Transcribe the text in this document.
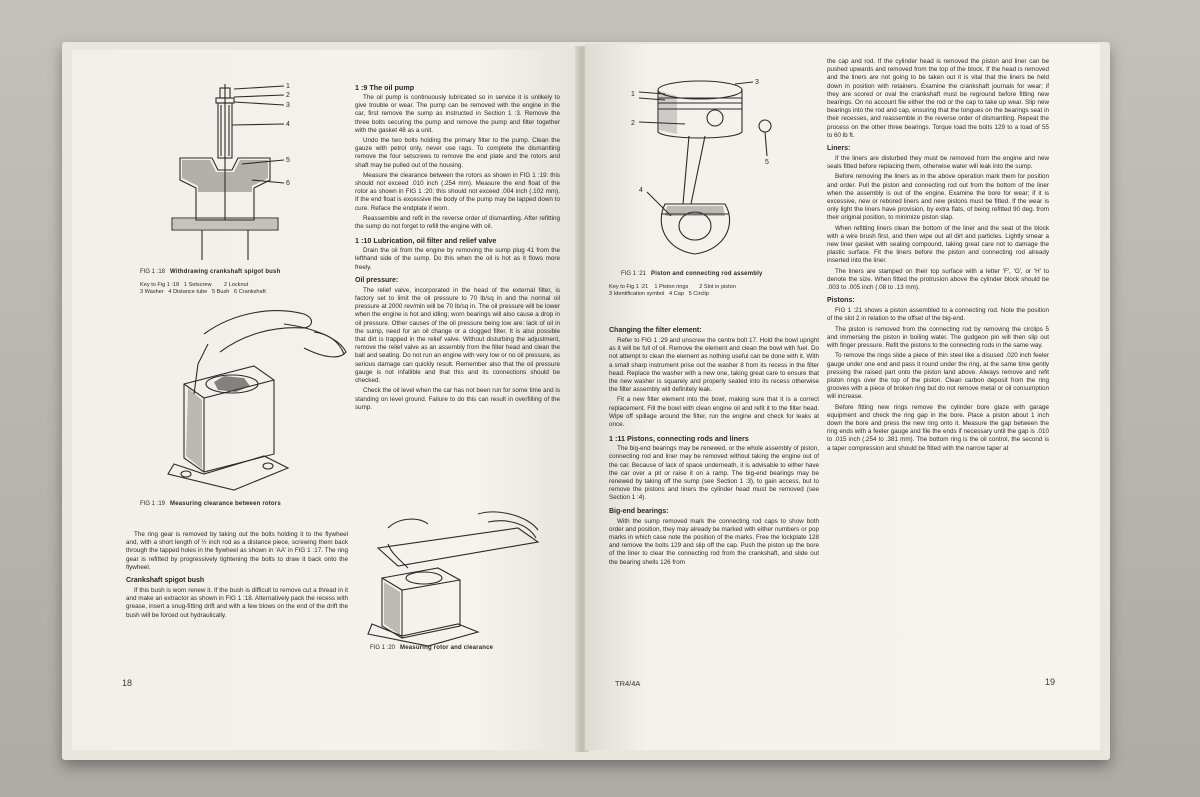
1
2
3
4
5
6
FIG 1 :18 Withdrawing crankshaft spigot bush
Key to Fig 1 :18 1 Setscrew 2 Locknut
3 Washer 4 Distance tube 5 Bush 6 Crankshaft
FIG 1 :19 Measuring clearance between rotors

The ring gear is removed by taking out the bolts holding it to the flywheel and, with a short length of ½ inch rod as a distance piece, screwing them back through the tapped holes in the flywheel as shown in 'AA' in FIG 1 :17. The ring gear is refitted by progressively tightening the bolts to draw it back onto the flywheel.

Crankshaft spigot bush

If this bush is worn renew it. If the bush is difficult to remove cut a thread in it and make an extractor as shown in FIG 1 :18. Alternatively pack the recess with grease, insert a snug-fitting drift and with a few blows on the end of the drift the bush will be forced out hydraulically.

1 :9 The oil pump

The oil pump is continuously lubricated so in service it is unlikely to give trouble or wear. The pump can be removed with the engine in the car, first remove the sump as instructed in Section 1 :3. Remove the three bolts securing the pump and remove the pump and filter together with the gasket 48 as a unit.

Undo the two bolts holding the primary filter to the pump. Clean the gauze with petrol only, never use rags. To complete the dismantling remove the four setscrews to remove the end plate and the rotors and shaft may be pulled out of the housing.

Measure the clearance between the rotors as shown in FIG 1 :19: this should not exceed .010 inch (.254 mm). Measure the end float of the rotor as shown in FIG 1 :20: this should not exceed .004 inch (.102 mm). If the end float is excessive the body of the pump may be lapped down to cure. Reface the endplate if worn.

Reassemble and refit in the reverse order of dismantling. After refitting the sump do not forget to refill the engine with oil.

1 :10 Lubrication, oil filter and relief valve

Drain the oil from the engine by removing the sump plug 41 from the lefthand side of the sump. Do this when the oil is hot as it flows more freely.

Oil pressure:

The relief valve, incorporated in the head of the external filter, is factory set to limit the oil pressure to 70 lb/sq in and the normal oil pressure at 2000 rev/min will be 70 lb/sq in. The oil pressure will be lower when the engine is hot and idling; worn bearings will also cause a drop in oil pressure. Other causes of the oil pressure being low are: lack of oil in the sump, need for an oil change or a clogged filter. It is also possible that dirt is trapped in the relief valve. Without disturbing the adjustment, remove the relief valve as an assembly from the filter head and clean the ball and seating. Do not run an engine with very low or no oil pressure, as serious damage can quickly result. Remember also that the oil pressure gauge is not infallible and that this and its connections should be checked.

Check the oil level when the car has not been run for some time and is standing on level ground. Failure to do this can result in overfilling of the sump.

FIG 1 :20 Measuring rotor and clearance
18
1
2
3
4
5
FIG 1 :21 Piston and connecting rod assembly
Key to Fig 1 :21 1 Piston rings 2 Slot in piston
3 Identification symbol 4 Cap 5 Circlip
Changing the filter element:

Refer to FIG 1 :29 and unscrew the centre bolt 17. Hold the bowl upright as it will be full of oil. Remove the element and clean the bowl with fuel. Do not attempt to clean the element as nothing useful can be done with it. With a small sharp instrument prise out the washer 8 from its recess in the filter head. Replace the washer with a new one, taking great care to ensure that the new washer is squarely and properly seated into its recess otherwise the filter assembly will definitely leak.

Fit a new filter element into the bowl, making sure that it is a correct replacement. Fill the bowl with clean engine oil and refit it to the filter head. Wipe off spillage around the filter, run the engine and check for leaks at once.

1 :11 Pistons, connecting rods and liners

The big-end bearings may be renewed, or the whole assembly of piston, connecting rod and liner may be removed without taking the engine out of the car. Because of lack of space underneath, it is advisable to either have the car over a pit or raise it on a ramp. The big-end bearings may be renewed by taking off the sump (see Section 1 :3), to gain access, but to remove the pistons and liners the cylinder head must be removed (see Section 1 :4).

Big-end bearings:

With the sump removed mark the connecting rod caps to show both order and position, they may already be marked with either numbers or pop marks in which case note the position of the marks. Free the lockplate 128 and remove the bolts 129 and slip off the cap. Push the piston up the bore of the liner to clear the connecting rod from the crankshaft, and slide out the bearing shells 126 from

the cap and rod. If the cylinder head is removed the piston and liner can be pushed upwards and removed from the top of the block. If the head is removed and the liners are not going to be taken out it is vital that the liners be held down in position with retainers. Examine the crankshaft journals for wear; if they are scored or oval the crankshaft must be reground before fitting new bearings. On no account file either the rod or the cap to take up wear. Slip new bearings into the rod and cap, ensuring that the tongues on the bearings seat in their recesses, and reassemble in the reverse order of dismantling. Repeat the process on the other three bearings. Torque load the bolts 129 to a load of 55 to 60 lb ft.

Liners:

If the liners are disturbed they must be removed from the engine and new seals fitted before replacing them, otherwise water will leak into the sump.

Before removing the liners as in the above operation mark them for position and order. Pull the piston and connecting rod out from the bottom of the liner when the assembly is out of the engine. Examine the bore for wear; if it is excessive, new or rebored liners and new pistons must be fitted. If the wear is only light the liners have provision, by extra flats, of being refitted 90 deg. from their original position, to minimize piston slap.

When refitting liners clean the bottom of the liner and the seat of the block with a wire brush first, and then wipe out all dirt and particles. Lightly smear a new liner gasket with sealing compound, taking great care not to damage the plastic surface. Fit the liners before the piston and connecting rod already inserted into the liner.

The liners are stamped on their top surface with a letter 'F', 'G', or 'H' to denote the size. When fitted the protrusion above the cylinder block should be .003 to .005 inch (.08 to .13 mm).

Pistons:

FIG 1 :21 shows a piston assembled to a connecting rod. Note the position of the slot 2 in relation to the offset of the big-end.

The piston is removed from the connecting rod by removing the circlips 5 and immersing the piston in boiling water. The gudgeon pin will then slip out with finger pressure. Refit the pistons to the connecting rods in the same way.

To remove the rings slide a piece of thin steel like a disused .020 inch feeler gauge under one end and pass it round under the ring, at the same time gently pressing the raised part onto the piston land above. Always remove and refit piston rings over the top of the piston. Clean carbon deposit from the ring grooves with a piece of broken ring but do not remove metal or oil consumption will increase.

Before fitting new rings remove the cylinder bore glaze with garage equipment and check the ring gap in the bore. Place a piston about 1 inch down the bore and press the new ring onto it. Measure the gap between the ring ends with a feeler gauge and file the ends if necessary until the gap is .010 to .015 inch (.254 to .381 mm). The bottom ring is the oil control, the second is a taper compression and should be fitted with the narrow taper at

TR4/4A	19
